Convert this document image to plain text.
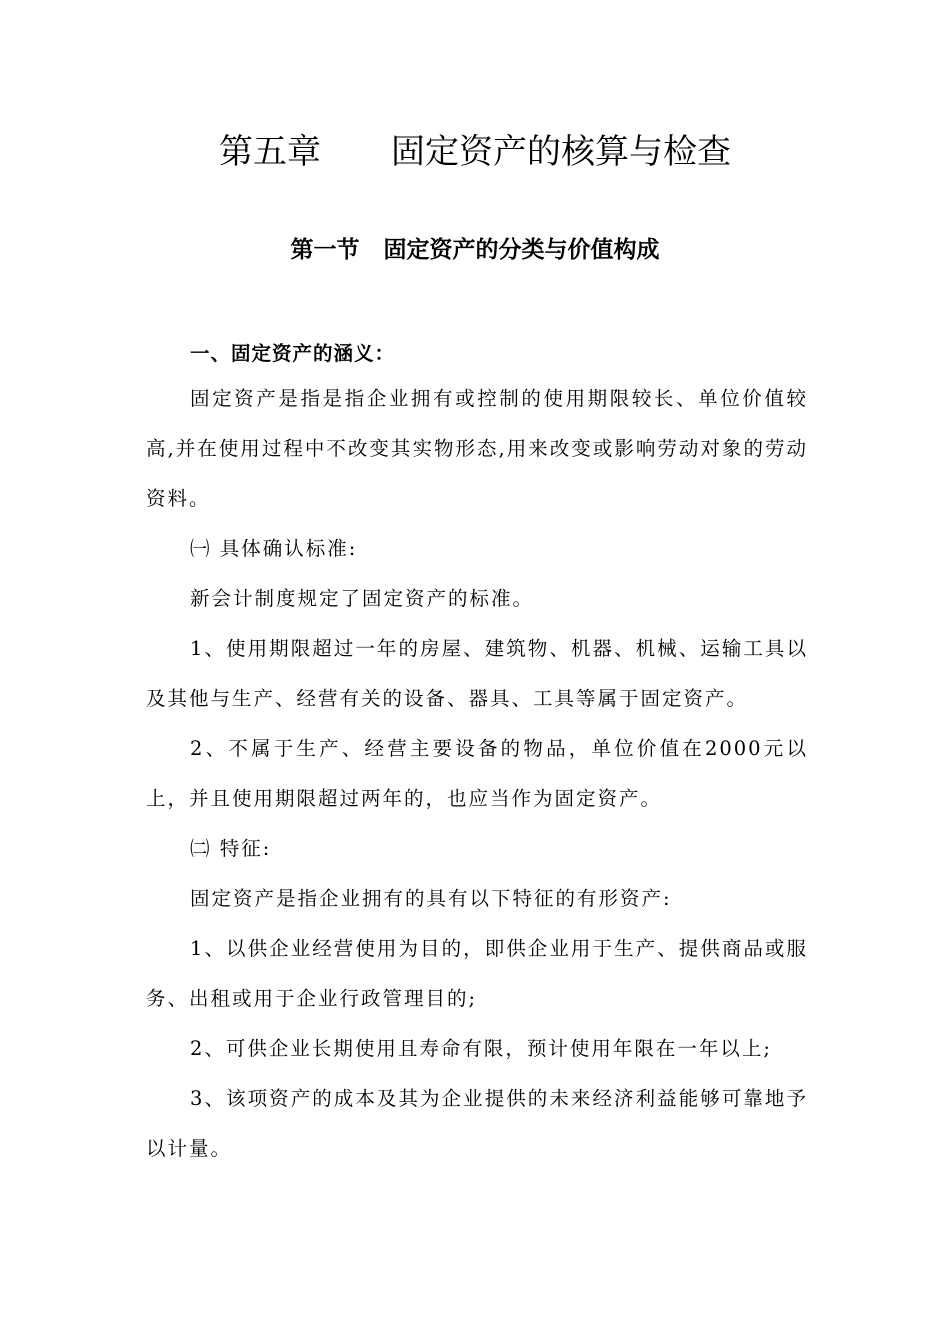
第五章 固定资产的核算与检查
第一节 固定资产的分类与价值构成
一、固定资产的涵义：
固定资产是指是指企业拥有或控制的使用期限较长、单位价值较高,并在使用过程中不改变其实物形态,用来改变或影响劳动对象的劳动资料。
㈠ 具体确认标准:
新会计制度规定了固定资产的标准。
1、使用期限超过一年的房屋、建筑物、机器、机械、运输工具以及其他与生产、经营有关的设备、器具、工具等属于固定资产。
2、不属于生产、经营主要设备的物品，单位价值在2000元以上，并且使用期限超过两年的，也应当作为固定资产。
㈡ 特征:
固定资产是指企业拥有的具有以下特征的有形资产:
1、以供企业经营使用为目的，即供企业用于生产、提供商品或服务、出租或用于企业行政管理目的;
2、可供企业长期使用且寿命有限，预计使用年限在一年以上;
3、该项资产的成本及其为企业提供的未来经济利益能够可靠地予以计量。
